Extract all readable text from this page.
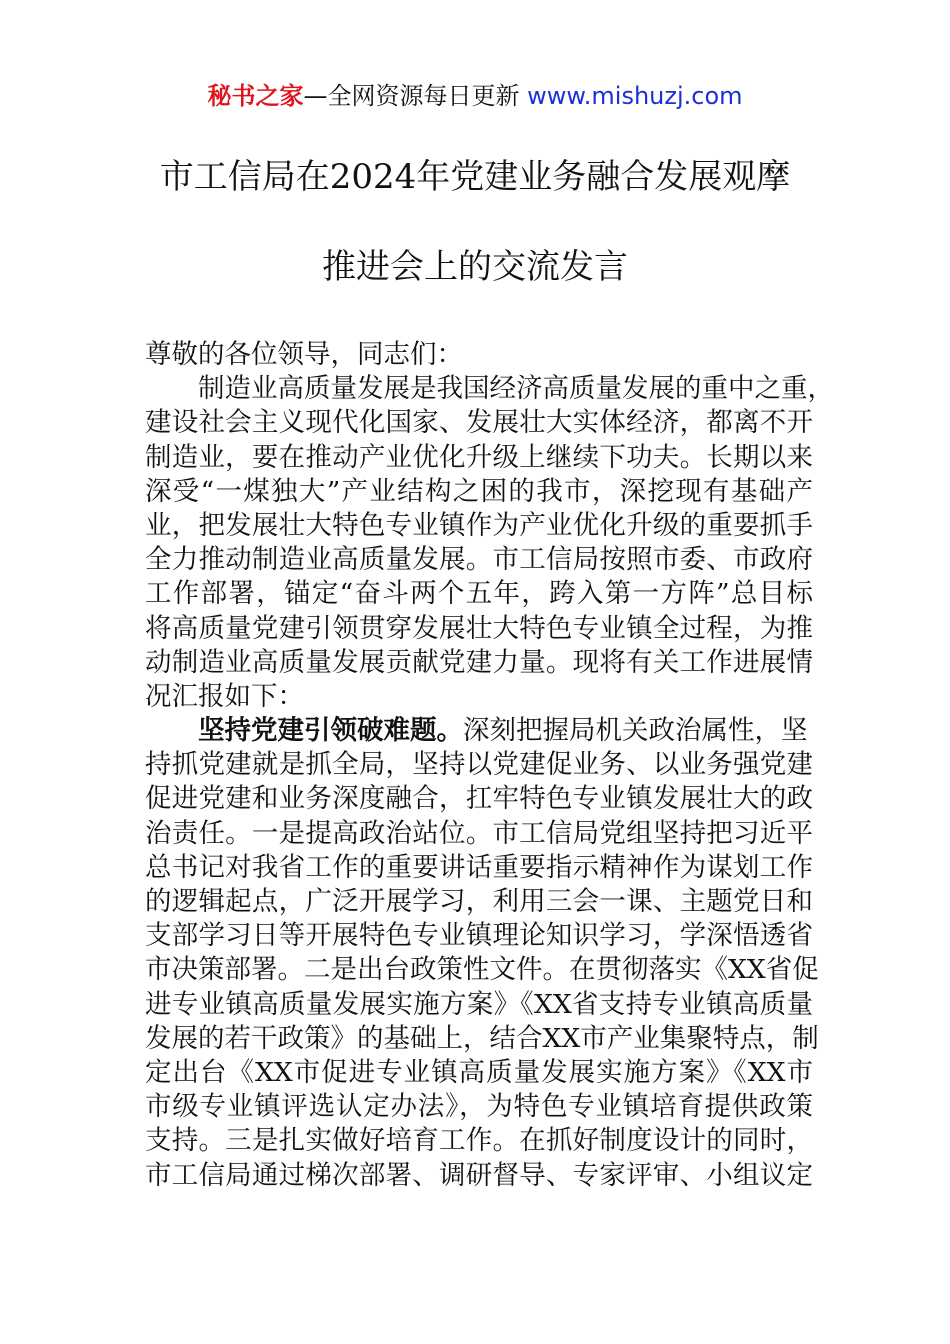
秘书之家—全网资源每日更新 www.mishuzj.com
市工信局在2024年党建业务融合发展观摩
推进会上的交流发言
尊敬的各位领导，同志们：
制造业高质量发展是我国经济高质量发展的重中之重，
建设社会主义现代化国家、发展壮大实体经济，都离不开
制造业，要在推动产业优化升级上继续下功夫。长期以来
深受“一煤独大”产业结构之困的我市，深挖现有基础产
业，把发展壮大特色专业镇作为产业优化升级的重要抓手
全力推动制造业高质量发展。市工信局按照市委、市政府
工作部署，锚定“奋斗两个五年，跨入第一方阵”总目标
将高质量党建引领贯穿发展壮大特色专业镇全过程，为推
动制造业高质量发展贡献党建力量。现将有关工作进展情
况汇报如下：
坚持党建引领破难题。深刻把握局机关政治属性，坚
持抓党建就是抓全局，坚持以党建促业务、以业务强党建
促进党建和业务深度融合，扛牢特色专业镇发展壮大的政
治责任。一是提高政治站位。市工信局党组坚持把习近平
总书记对我省工作的重要讲话重要指示精神作为谋划工作
的逻辑起点，广泛开展学习，利用三会一课、主题党日和
支部学习日等开展特色专业镇理论知识学习，学深悟透省
市决策部署。二是出台政策性文件。在贯彻落实《XX省促
进专业镇高质量发展实施方案》《XX省支持专业镇高质量
发展的若干政策》的基础上，结合XX市产业集聚特点，制
定出台《XX市促进专业镇高质量发展实施方案》《XX市
市级专业镇评选认定办法》，为特色专业镇培育提供政策
支持。三是扎实做好培育工作。在抓好制度设计的同时，
市工信局通过梯次部署、调研督导、专家评审、小组议定
